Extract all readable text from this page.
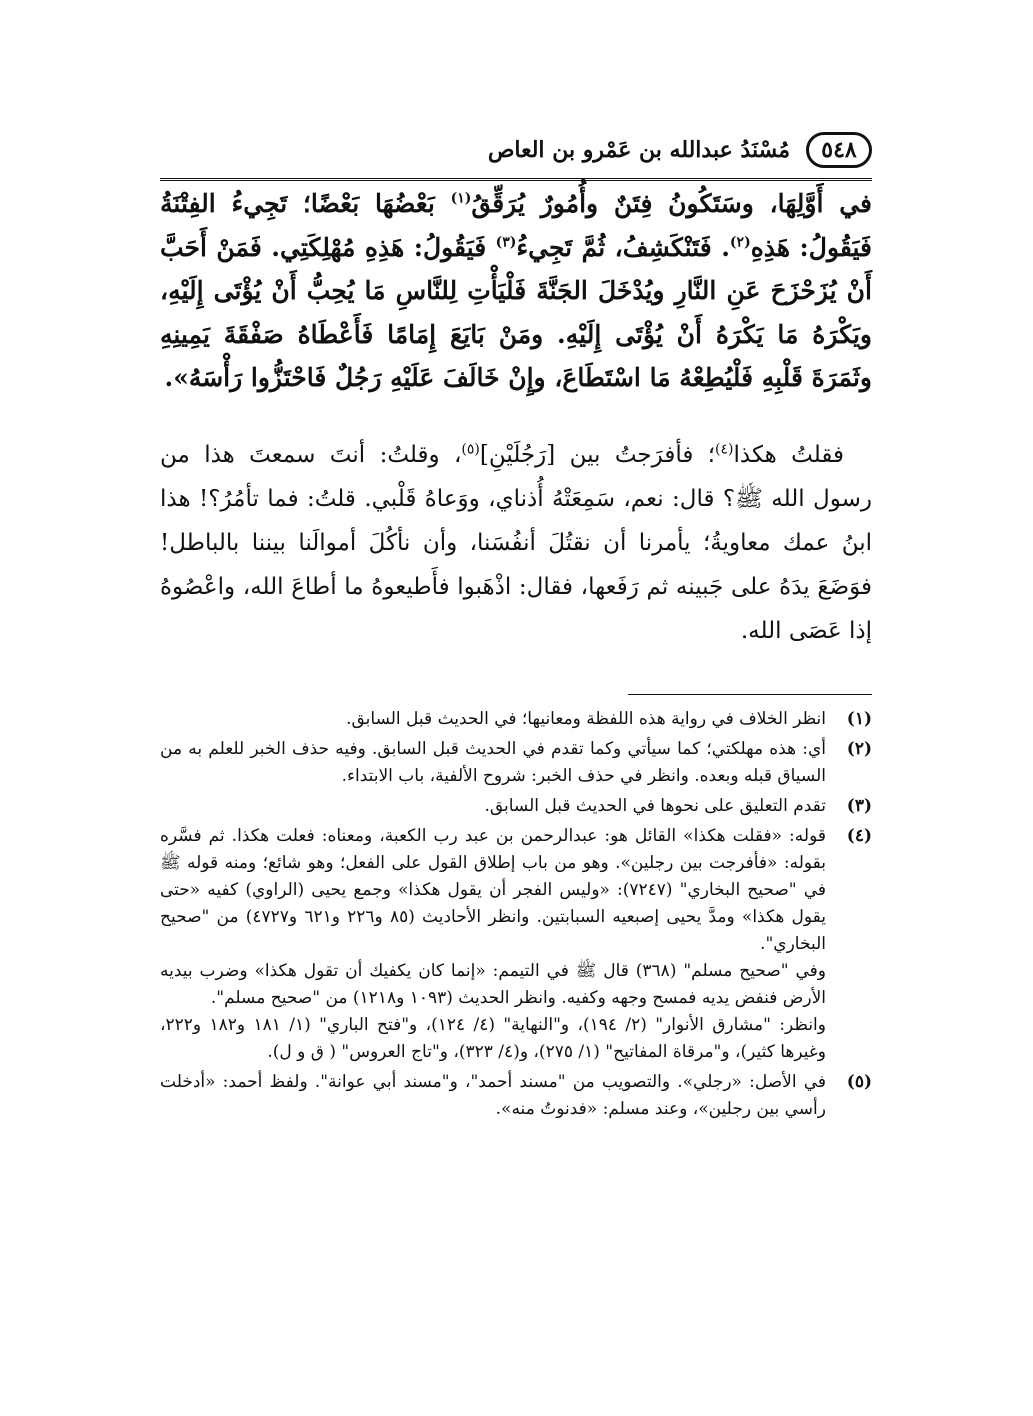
٥٤٨
مُسْنَدُ عبدالله بن عَمْرو بن العاص

في أَوَّلِهَا، وسَتَكُونُ فِتَنٌ وأُمُورٌ يُرَقِّقُ$^{(١)}$ بَعْضُهَا بَعْضًا؛ تَجِيءُ الفِتْنَةُ فَيَقُولُ: هَذِهِ$^{(٢)}$. فَتَنْكَشِفُ، ثُمَّ تَجِيءُ$^{(٣)}$ فَيَقُولُ: هَذِهِ مُهْلِكَتِي. فَمَنْ أَحَبَّ أَنْ يُزَحْزَحَ عَنِ النَّارِ ويُدْخَلَ الجَنَّةَ فَلْيَأْتِ لِلنَّاسِ مَا يُحِبُّ أَنْ يُؤْتَى إِلَيْهِ، ويَكْرَهُ مَا يَكْرَهُ أَنْ يُؤْتَى إِلَيْهِ. ومَنْ بَايَعَ إِمَامًا فَأَعْطَاهُ صَفْقَةَ يَمِينِهِ وثَمَرَةَ قَلْبِهِ فَلْيُطِعْهُ مَا اسْتَطَاعَ، وإِنْ خَالَفَ عَلَيْهِ رَجُلٌ فَاحْتَزُّوا رَأْسَهُ».

فقلتُ هكذا$^{(٤)}$؛ فأفرَجتُ بين [رَجُلَيْنِ]$^{(٥)}$، وقلتُ: أنتَ سمعتَ هذا من رسول الله ﷺ؟ قال: نعم، سَمِعَتْهُ أُذناي، ووَعاهُ قَلْبي. قلتُ: فما تأمُرُ؟! هذا ابنُ عمك معاويةُ؛ يأمرنا أن نقتُلَ أنفُسَنا، وأن نأكُلَ أموالَنا بيننا بالباطل! فوَضَعَ يدَهُ على جَبينه ثم رَفَعها، فقال: اذْهَبوا فأَطيعوهُ ما أطاعَ الله، واعْصُوهُ إذا عَصَى الله.

(١)
انظر الخلاف في رواية هذه اللفظة ومعانيها؛ في الحديث قبل السابق.
(٢)
أي: هذه مهلكتي؛ كما سيأتي وكما تقدم في الحديث قبل السابق. وفيه حذف الخبر للعلم به من السياق قبله وبعده. وانظر في حذف الخبر: شروح الألفية، باب الابتداء.
(٣)
تقدم التعليق على نحوها في الحديث قبل السابق.
(٤)
قوله: «فقلت هكذا» القائل هو: عبدالرحمن بن عبد رب الكعبة، ومعناه: فعلت هكذا. ثم فسَّره بقوله: «فأفرجت بين رجلين». وهو من باب إطلاق القول على الفعل؛ وهو شائع؛ ومنه قوله ﷺ في "صحيح البخاري" (٧٢٤٧): «وليس الفجر أن يقول هكذا» وجمع يحيى (الراوي) كفيه «حتى يقول هكذا» ومدَّ يحيى إصبعيه السبابتين. وانظر الأحاديث (٨٥ و٢٢٦ و٦٢١ و٤٧٢٧) من "صحيح البخاري".
وفي "صحيح مسلم" (٣٦٨) قال ﷺ في التيمم: «إنما كان يكفيك أن تقول هكذا» وضرب بيديه الأرض فنفض يديه فمسح وجهه وكفيه. وانظر الحديث (١٠٩٣ و١٢١٨) من "صحيح مسلم".
وانظر: "مشارق الأنوار" (٢/ ١٩٤)، و"النهاية" (٤/ ١٢٤)، و"فتح الباري" (١/ ١٨١ و١٨٢ و٢٢٢، وغيرها كثير)، و"مرقاة المفاتيح" (١/ ٢٧٥)، و(٤/ ٣٢٣)، و"تاج العروس" ( ق و ل).
(٥)
في الأصل: «رجلي». والتصويب من "مسند أحمد"، و"مسند أبي عوانة". ولفظ أحمد: «أدخلت رأسي بين رجلين»، وعند مسلم: «فدنوتُ منه».
